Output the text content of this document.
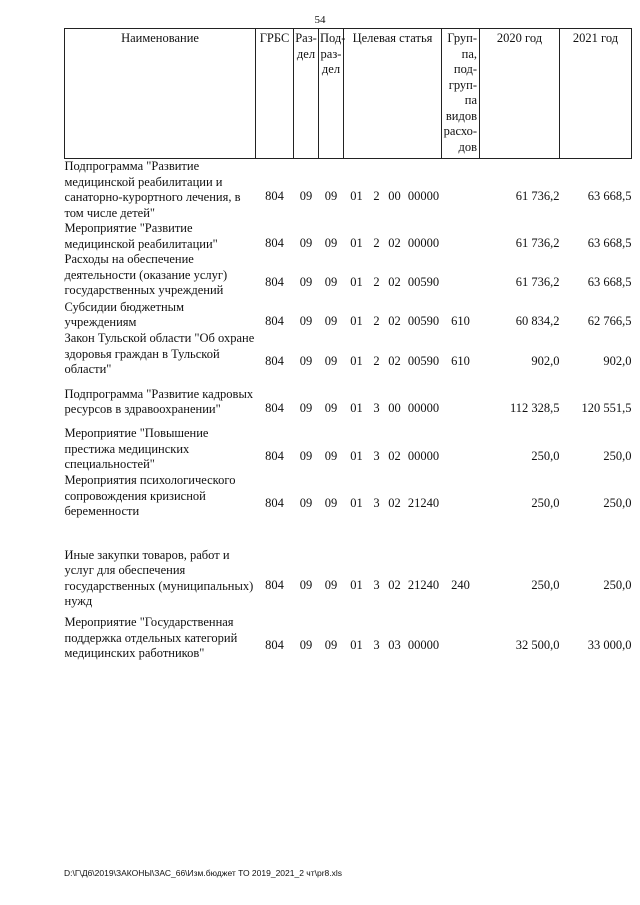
54
Наименование	ГРБС	Раз-дел	Под-раз-дел	Целевая статья				Груп-па, под-груп-па видов расхо-дов	2020 год	2021 год
Подпрограмма "Развитие медицинской реабилитации и санаторно-курортного лечения, в том числе детей"	804	09	09	01	2	00	00000		61 736,2	63 668,5
Мероприятие "Развитие медицинской реабилитации"	804	09	09	01	2	02	00000		61 736,2	63 668,5
Расходы на обеспечение деятельности (оказание услуг) государственных учреждений	804	09	09	01	2	02	00590		61 736,2	63 668,5
Субсидии бюджетным учреждениям	804	09	09	01	2	02	00590	610	60 834,2	62 766,5
Закон Тульской области "Об охране здоровья граждан в Тульской области"	804	09	09	01	2	02	00590	610	902,0	902,0
Подпрограмма "Развитие кадровых ресурсов в здравоохранении"	804	09	09	01	3	00	00000		112 328,5	120 551,5
Мероприятие "Повышение престижа медицинских специальностей"	804	09	09	01	3	02	00000		250,0	250,0
Мероприятия психологического сопровождения кризисной беременности	804	09	09	01	3	02	21240		250,0	250,0

Иные закупки товаров, работ и услуг для обеспечения государственных (муниципальных) нужд	804	09	09	01	3	02	21240	240	250,0	250,0
Мероприятие "Государственная поддержка отдельных категорий медицинских работников"	804	09	09	01	3	03	00000		32 500,0	33 000,0
D:\Г\Д6\2019\ЗАКОНЫ\ЗАС_66\Изм.бюджет ТО 2019_2021_2 чт\pr8.xls
